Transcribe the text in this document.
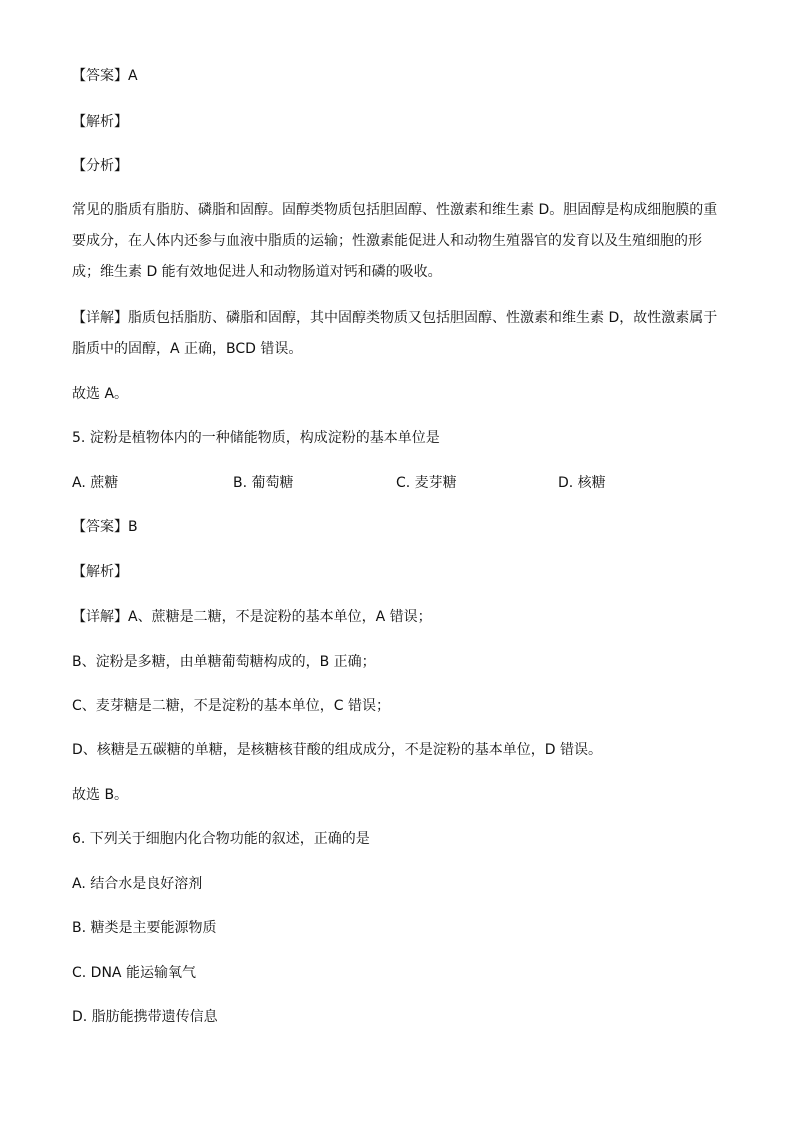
【答案】A
【解析】
【分析】
常见的脂质有脂肪、磷脂和固醇。固醇类物质包括胆固醇、性激素和维生素 D。胆固醇是构成细胞膜的重
要成分，在人体内还参与血液中脂质的运输；性激素能促进人和动物生殖器官的发育以及生殖细胞的形
成；维生素 D 能有效地促进人和动物肠道对钙和磷的吸收。
【详解】脂质包括脂肪、磷脂和固醇，其中固醇类物质又包括胆固醇、性激素和维生素 D，故性激素属于
脂质中的固醇，A 正确，BCD 错误。
故选 A。
5. 淀粉是植物体内的一种储能物质，构成淀粉的基本单位是
A. 蔗糖	B. 葡萄糖	C. 麦芽糖	D. 核糖
【答案】B
【解析】
【详解】A、蔗糖是二糖，不是淀粉的基本单位，A 错误；
B、淀粉是多糖，由单糖葡萄糖构成的，B 正确；
C、麦芽糖是二糖，不是淀粉的基本单位，C 错误；
D、核糖是五碳糖的单糖，是核糖核苷酸的组成成分，不是淀粉的基本单位，D 错误。
故选 B。
6. 下列关于细胞内化合物功能的叙述，正确的是
A. 结合水是良好溶剂
B. 糖类是主要能源物质
C. DNA 能运输氧气
D. 脂肪能携带遗传信息
